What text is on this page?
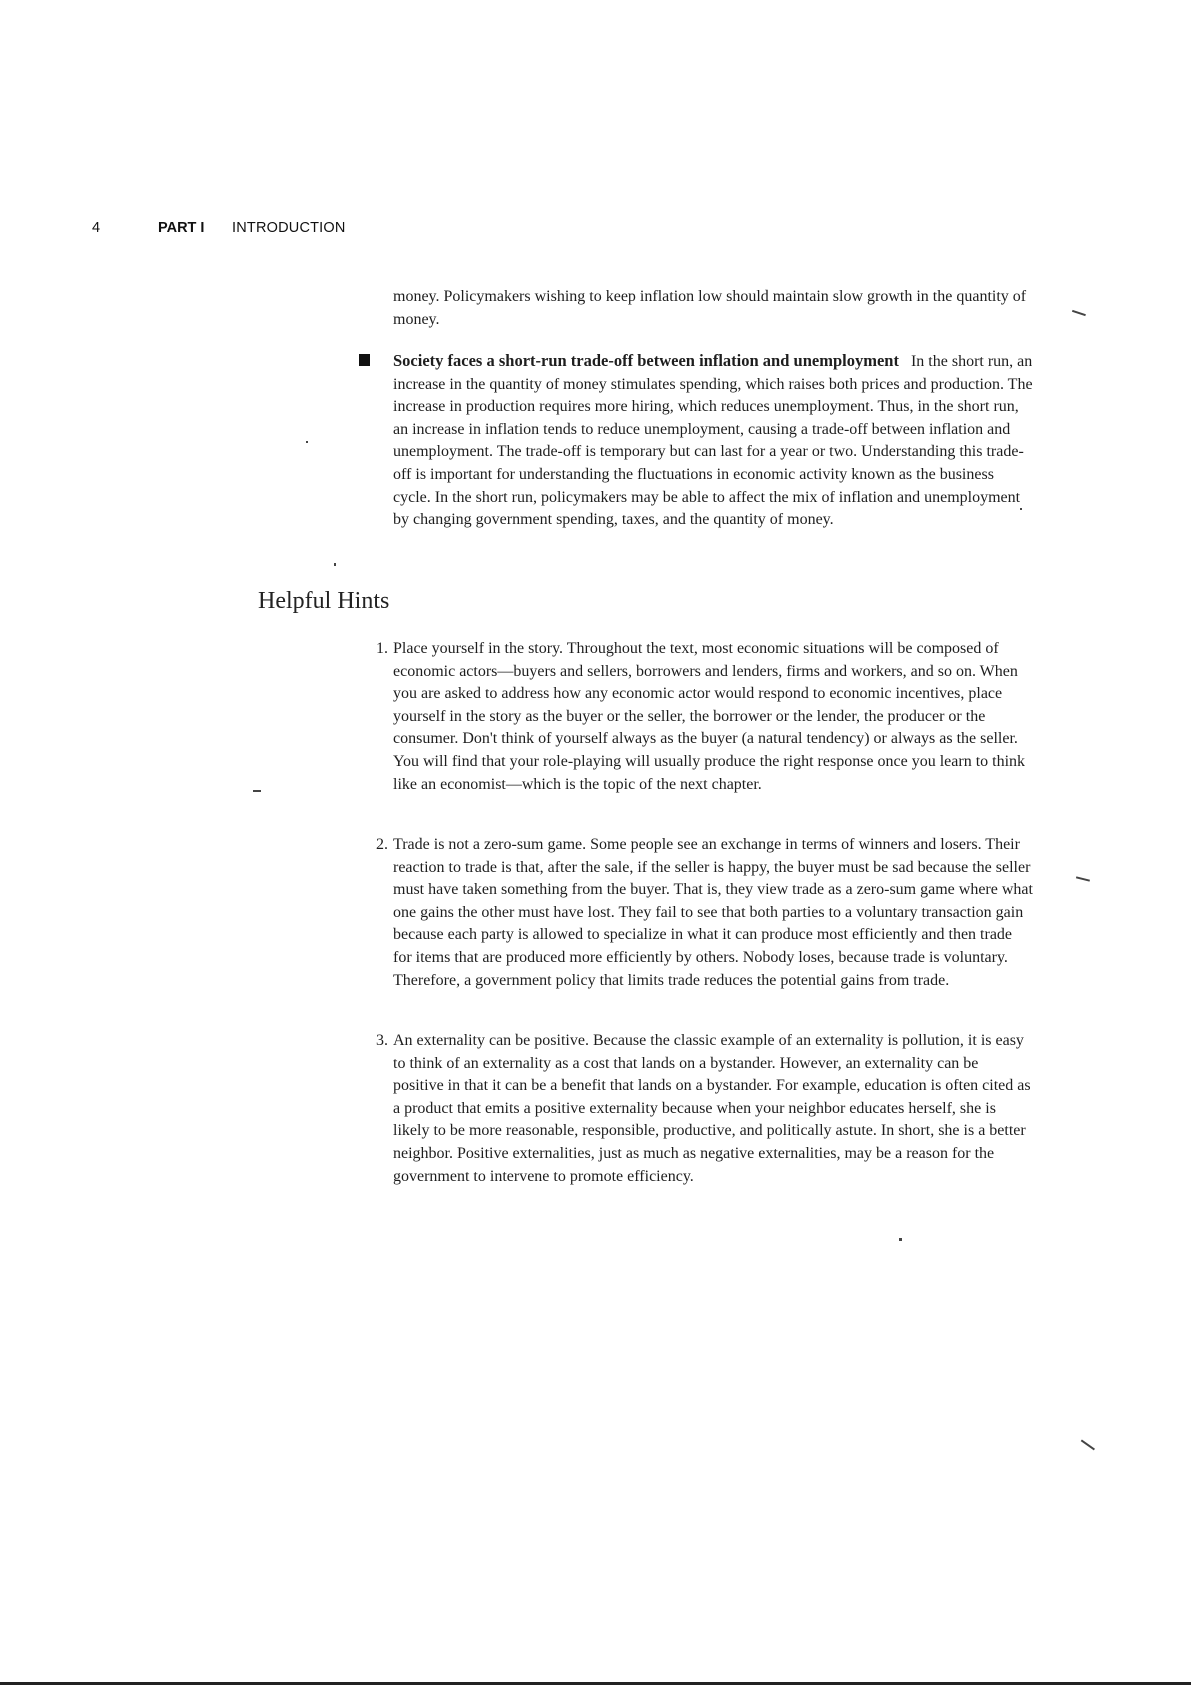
4	PART I INTRODUCTION
money. Policymakers wishing to keep inflation low should maintain slow growth in the quantity of money.
Society faces a short-run trade-off between inflation and unemployment In the short run, an increase in the quantity of money stimulates spending, which raises both prices and production. The increase in production requires more hiring, which reduces unemployment. Thus, in the short run, an increase in inflation tends to reduce unemployment, causing a trade-off between inflation and unemployment. The trade-off is temporary but can last for a year or two. Understanding this trade-off is important for understanding the fluctuations in economic activity known as the business cycle. In the short run, policymakers may be able to affect the mix of inflation and unemployment by changing government spending, taxes, and the quantity of money.
Helpful Hints
1. Place yourself in the story. Throughout the text, most economic situations will be composed of economic actors—buyers and sellers, borrowers and lenders, firms and workers, and so on. When you are asked to address how any economic actor would respond to economic incentives, place yourself in the story as the buyer or the seller, the borrower or the lender, the producer or the consumer. Don't think of yourself always as the buyer (a natural tendency) or always as the seller. You will find that your role-playing will usually produce the right response once you learn to think like an economist—which is the topic of the next chapter.
2. Trade is not a zero-sum game. Some people see an exchange in terms of winners and losers. Their reaction to trade is that, after the sale, if the seller is happy, the buyer must be sad because the seller must have taken something from the buyer. That is, they view trade as a zero-sum game where what one gains the other must have lost. They fail to see that both parties to a voluntary transaction gain because each party is allowed to specialize in what it can produce most efficiently and then trade for items that are produced more efficiently by others. Nobody loses, because trade is voluntary. Therefore, a government policy that limits trade reduces the potential gains from trade.
3. An externality can be positive. Because the classic example of an externality is pollution, it is easy to think of an externality as a cost that lands on a bystander. However, an externality can be positive in that it can be a benefit that lands on a bystander. For example, education is often cited as a product that emits a positive externality because when your neighbor educates herself, she is likely to be more reasonable, responsible, productive, and politically astute. In short, she is a better neighbor. Positive externalities, just as much as negative externalities, may be a reason for the government to intervene to promote efficiency.
